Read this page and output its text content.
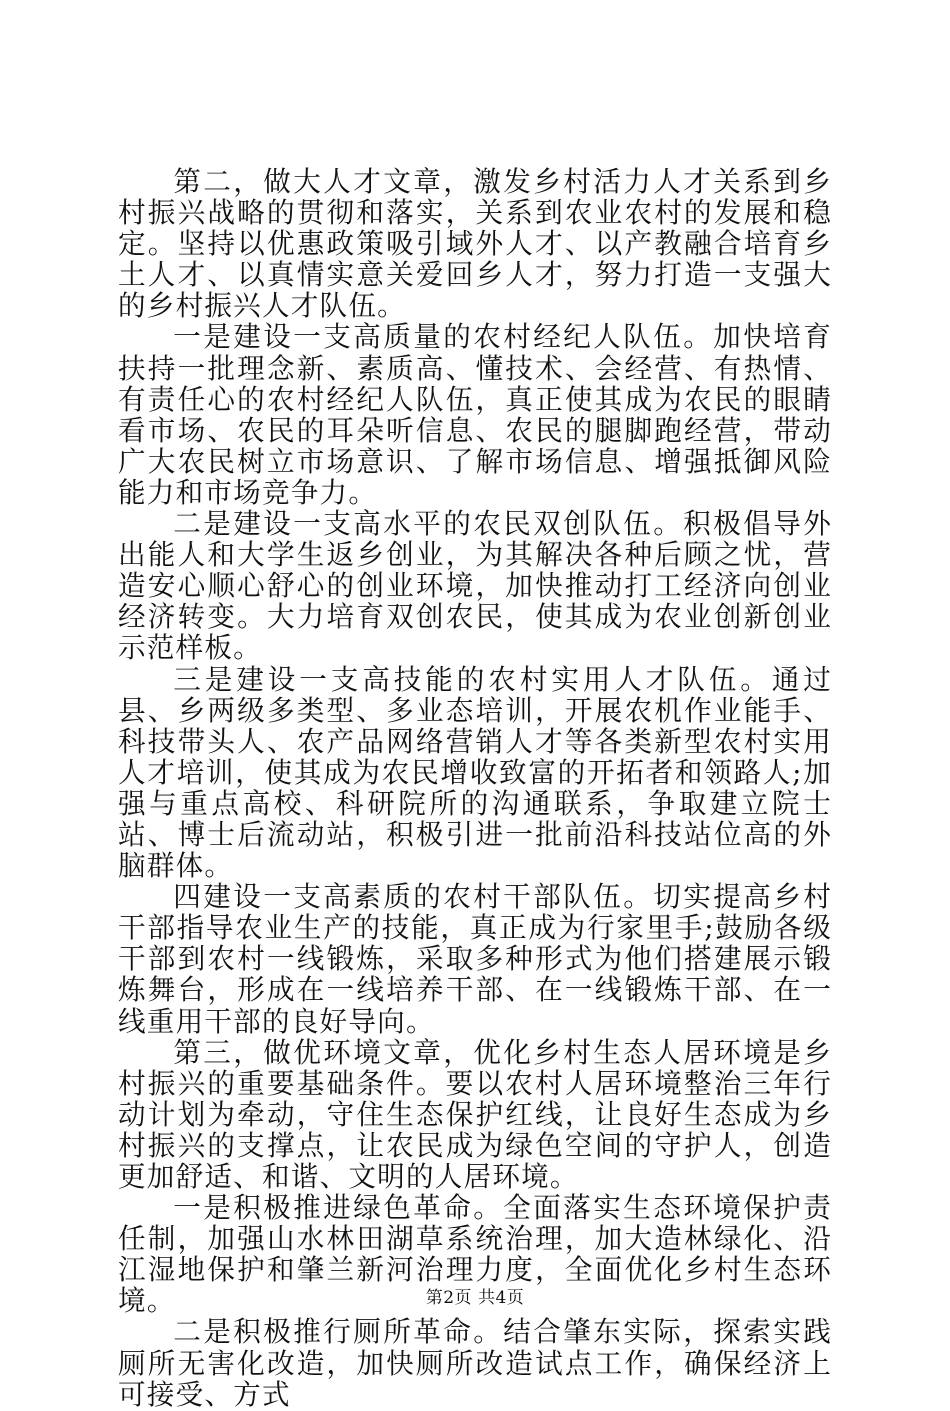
第二，做大人才文章，激发乡村活力人才关系到乡村振兴战略的贯彻和落实，关系到农业农村的发展和稳定。坚持以优惠政策吸引域外人才、以产教融合培育乡土人才、以真情实意关爱回乡人才，努力打造一支强大的乡村振兴人才队伍。

一是建设一支高质量的农村经纪人队伍。加快培育扶持一批理念新、素质高、懂技术、会经营、有热情、有责任心的农村经纪人队伍，真正使其成为农民的眼睛看市场、农民的耳朵听信息、农民的腿脚跑经营，带动广大农民树立市场意识、了解市场信息、增强抵御风险能力和市场竞争力。

二是建设一支高水平的农民双创队伍。积极倡导外出能人和大学生返乡创业，为其解决各种后顾之忧，营造安心顺心舒心的创业环境，加快推动打工经济向创业经济转变。大力培育双创农民，使其成为农业创新创业示范样板。

三是建设一支高技能的农村实用人才队伍。通过县、乡两级多类型、多业态培训，开展农机作业能手、科技带头人、农产品网络营销人才等各类新型农村实用人才培训，使其成为农民增收致富的开拓者和领路人;加强与重点高校、科研院所的沟通联系，争取建立院士站、博士后流动站，积极引进一批前沿科技站位高的外脑群体。

四建设一支高素质的农村干部队伍。切实提高乡村干部指导农业生产的技能，真正成为行家里手;鼓励各级干部到农村一线锻炼，采取多种形式为他们搭建展示锻炼舞台，形成在一线培养干部、在一线锻炼干部、在一线重用干部的良好导向。

第三，做优环境文章，优化乡村生态人居环境是乡村振兴的重要基础条件。要以农村人居环境整治三年行动计划为牵动，守住生态保护红线，让良好生态成为乡村振兴的支撑点，让农民成为绿色空间的守护人，创造更加舒适、和谐、文明的人居环境。

一是积极推进绿色革命。全面落实生态环境保护责任制，加强山水林田湖草系统治理，加大造林绿化、沿江湿地保护和肇兰新河治理力度，全面优化乡村生态环境。

二是积极推行厕所革命。结合肇东实际，探索实践厕所无害化改造，加快厕所改造试点工作，确保经济上可接受、方式

第2页 共4页
